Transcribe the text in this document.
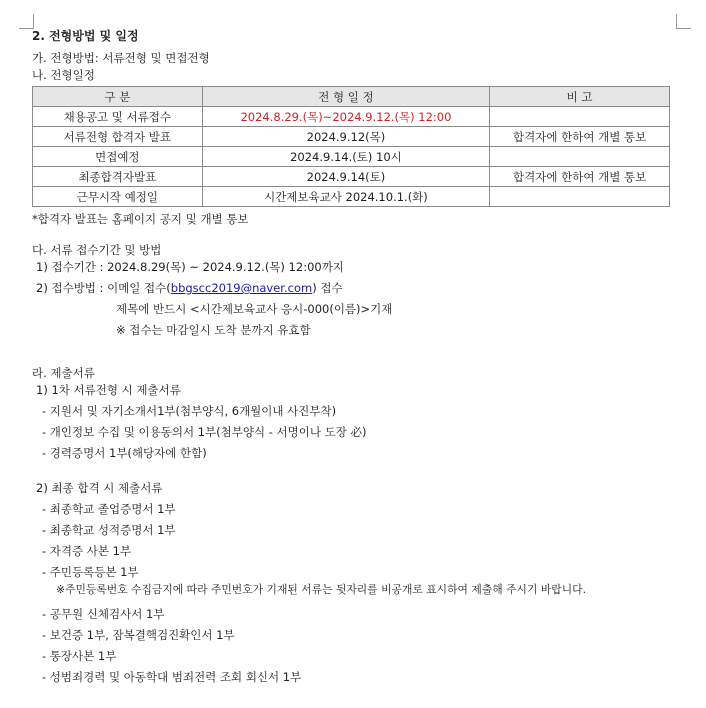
2. 전형방법 및 일정
가. 전형방법: 서류전형 및 면접전형
나. 전형일정
구 분	전 형 일 정	비 고
채용공고 및 서류접수	2024.8.29.(목)~2024.9.12.(목) 12:00	
서류전형 합격자 발표	2024.9.12(목)	합격자에 한하여 개별 통보
면접예정	2024.9.14.(토) 10시	
최종합격자발표	2024.9.14(토)	합격자에 한하여 개별 통보
근무시작 예정일	시간제보육교사 2024.10.1.(화)	
*합격자 발표는 홈페이지 공지 및 개별 통보
다. 서류 접수기간 및 방법
1) 접수기간 : 2024.8.29(목) ~ 2024.9.12.(목) 12:00까지
2) 접수방법 : 이메일 접수(bbgscc2019@naver.com) 접수
제목에 반드시 <시간제보육교사 응시-000(이름)>기재
※ 접수는 마감일시 도착 분까지 유효함
라. 제출서류
1) 1차 서류전형 시 제출서류
- 지원서 및 자기소개서1부(첨부양식, 6개월이내 사진부착)
- 개인정보 수집 및 이용동의서 1부(첨부양식 - 서명이나 도장 必)
- 경력증명서 1부(해당자에 한함)
2) 최종 합격 시 제출서류
- 최종학교 졸업증명서 1부
- 최종학교 성적증명서 1부
- 자격증 사본 1부
- 주민등록등본 1부
※주민등록번호 수집금지에 따라 주민번호가 기재된 서류는 뒷자리를 비공개로 표시하여 제출해 주시기 바랍니다.
- 공무원 신체검사서 1부
- 보건증 1부, 잠복결핵검진확인서 1부
- 통장사본 1부
- 성범죄경력 및 아동학대 범죄전력 조회 회신서 1부
